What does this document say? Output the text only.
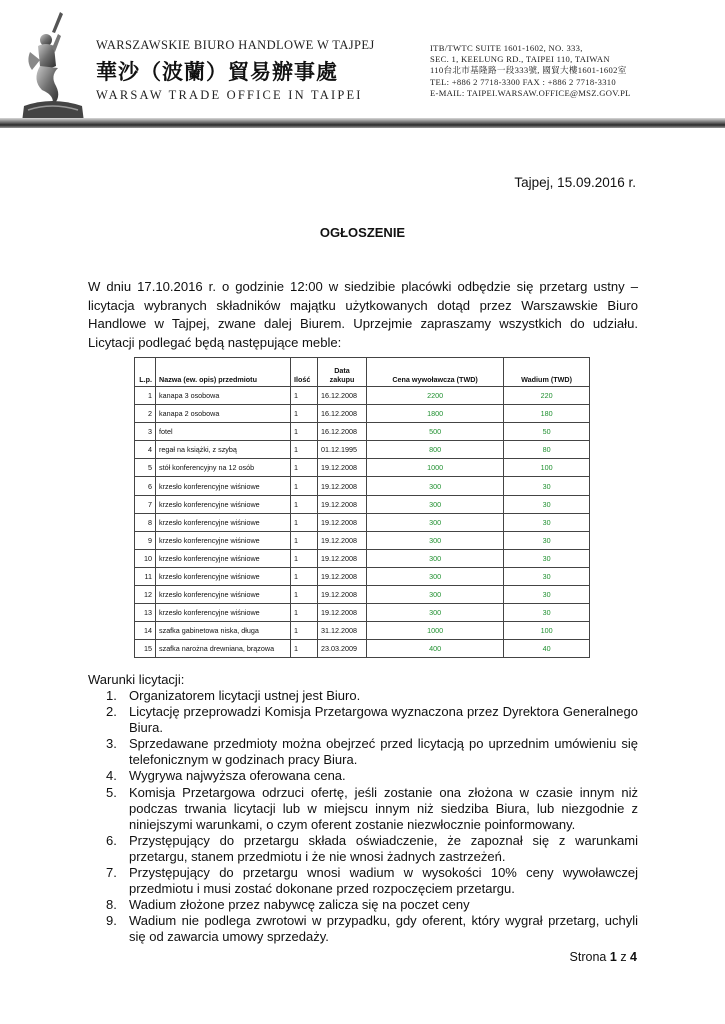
WARSZAWSKIE BIURO HANDLOWE W TAJPEJ
華沙（波蘭）貿易辦事處
WARSAW TRADE OFFICE IN TAIPEI
ITB/TWTC SUITE 1601-1602, NO. 333,
SEC. 1, KEELUNG RD., TAIPEI 110, TAIWAN
110台北市基隆路一段333號, 國貿大樓1601-1602室
TEL: +886 2 7718-3300 FAX : +886 2 7718-3310
E-MAIL: TAIPEI.WARSAW.OFFICE@MSZ.GOV.PL
Tajpej, 15.09.2016 r.
OGŁOSZENIE
W dniu 17.10.2016 r. o godzinie 12:00 w siedzibie placówki odbędzie się przetarg ustny – licytacja wybranych składników majątku użytkowanych dotąd przez Warszawskie Biuro Handlowe w Tajpej, zwane dalej Biurem. Uprzejmie zapraszamy wszystkich do udziału. Licytacji podlegać będą następujące meble:
L.p.	Nazwa (ew. opis) przedmiotu	Ilość	Data zakupu	Cena wywoławcza (TWD)	Wadium (TWD)
1	kanapa 3 osobowa	1	16.12.2008	2200	220
2	kanapa 2 osobowa	1	16.12.2008	1800	180
3	fotel	1	16.12.2008	500	50
4	regał na książki, z szybą	1	01.12.1995	800	80
5	stół konferencyjny na 12 osób	1	19.12.2008	1000	100
6	krzesło konferencyjne wiśniowe	1	19.12.2008	300	30
7	krzesło konferencyjne wiśniowe	1	19.12.2008	300	30
8	krzesło konferencyjne wiśniowe	1	19.12.2008	300	30
9	krzesło konferencyjne wiśniowe	1	19.12.2008	300	30
10	krzesło konferencyjne wiśniowe	1	19.12.2008	300	30
11	krzesło konferencyjne wiśniowe	1	19.12.2008	300	30
12	krzesło konferencyjne wiśniowe	1	19.12.2008	300	30
13	krzesło konferencyjne wiśniowe	1	19.12.2008	300	30
14	szafka gabinetowa niska, długa	1	31.12.2008	1000	100
15	szafka narożna drewniana, brązowa	1	23.03.2009	400	40
Warunki licytacji:
1. Organizatorem licytacji ustnej jest Biuro.
2. Licytację przeprowadzi Komisja Przetargowa wyznaczona przez Dyrektora Generalnego Biura.
3. Sprzedawane przedmioty można obejrzeć przed licytacją po uprzednim umówieniu się telefonicznym w godzinach pracy Biura.
4. Wygrywa najwyższa oferowana cena.
5. Komisja Przetargowa odrzuci ofertę, jeśli zostanie ona złożona w czasie innym niż podczas trwania licytacji lub w miejscu innym niż siedziba Biura, lub niezgodnie z niniejszymi warunkami, o czym oferent zostanie niezwłocznie poinformowany.
6. Przystępujący do przetargu składa oświadczenie, że zapoznał się z warunkami przetargu, stanem przedmiotu i że nie wnosi żadnych zastrzeżeń.
7. Przystępujący do przetargu wnosi wadium w wysokości 10% ceny wywoławczej przedmiotu i musi zostać dokonane przed rozpoczęciem przetargu.
8. Wadium złożone przez nabywcę zalicza się na poczet ceny
9. Wadium nie podlega zwrotowi w przypadku, gdy oferent, który wygrał przetarg, uchyli się od zawarcia umowy sprzedaży.
Strona 1 z 4
